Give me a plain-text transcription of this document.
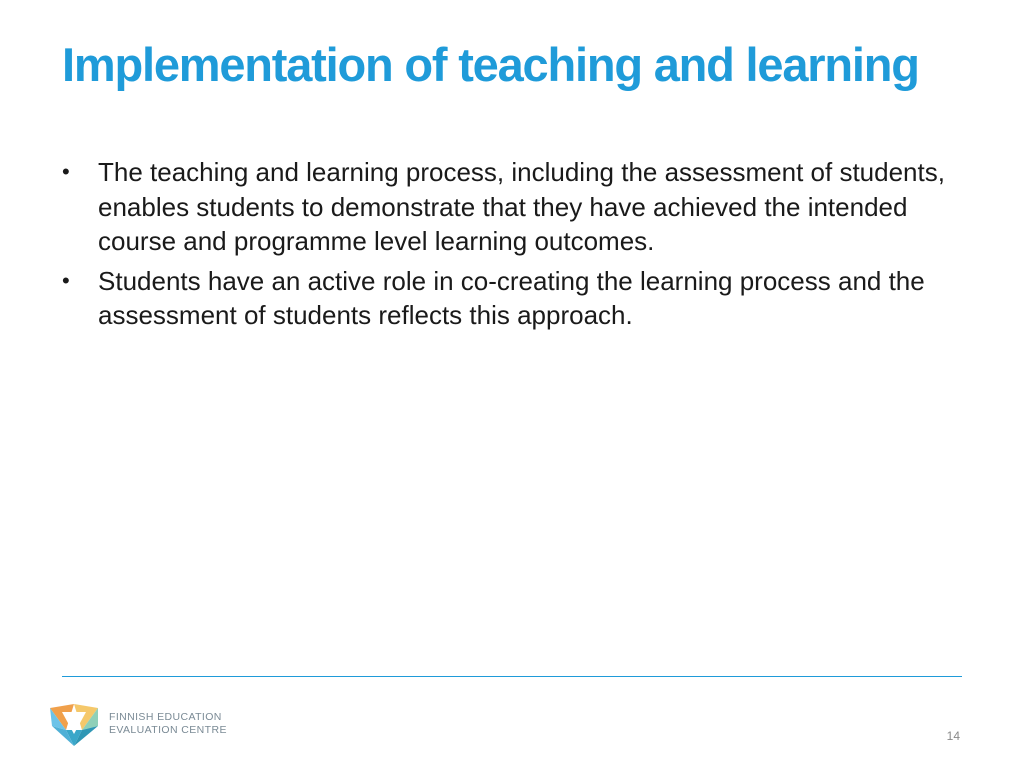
Implementation of teaching and learning
•	The teaching and learning process, including the assessment of students, enables students to demonstrate that they have achieved the intended course and programme level learning outcomes.
•	Students have an active role in co-creating the learning process and the assessment of students reflects this approach.
FINNISH EDUCATION
EVALUATION CENTRE	14
